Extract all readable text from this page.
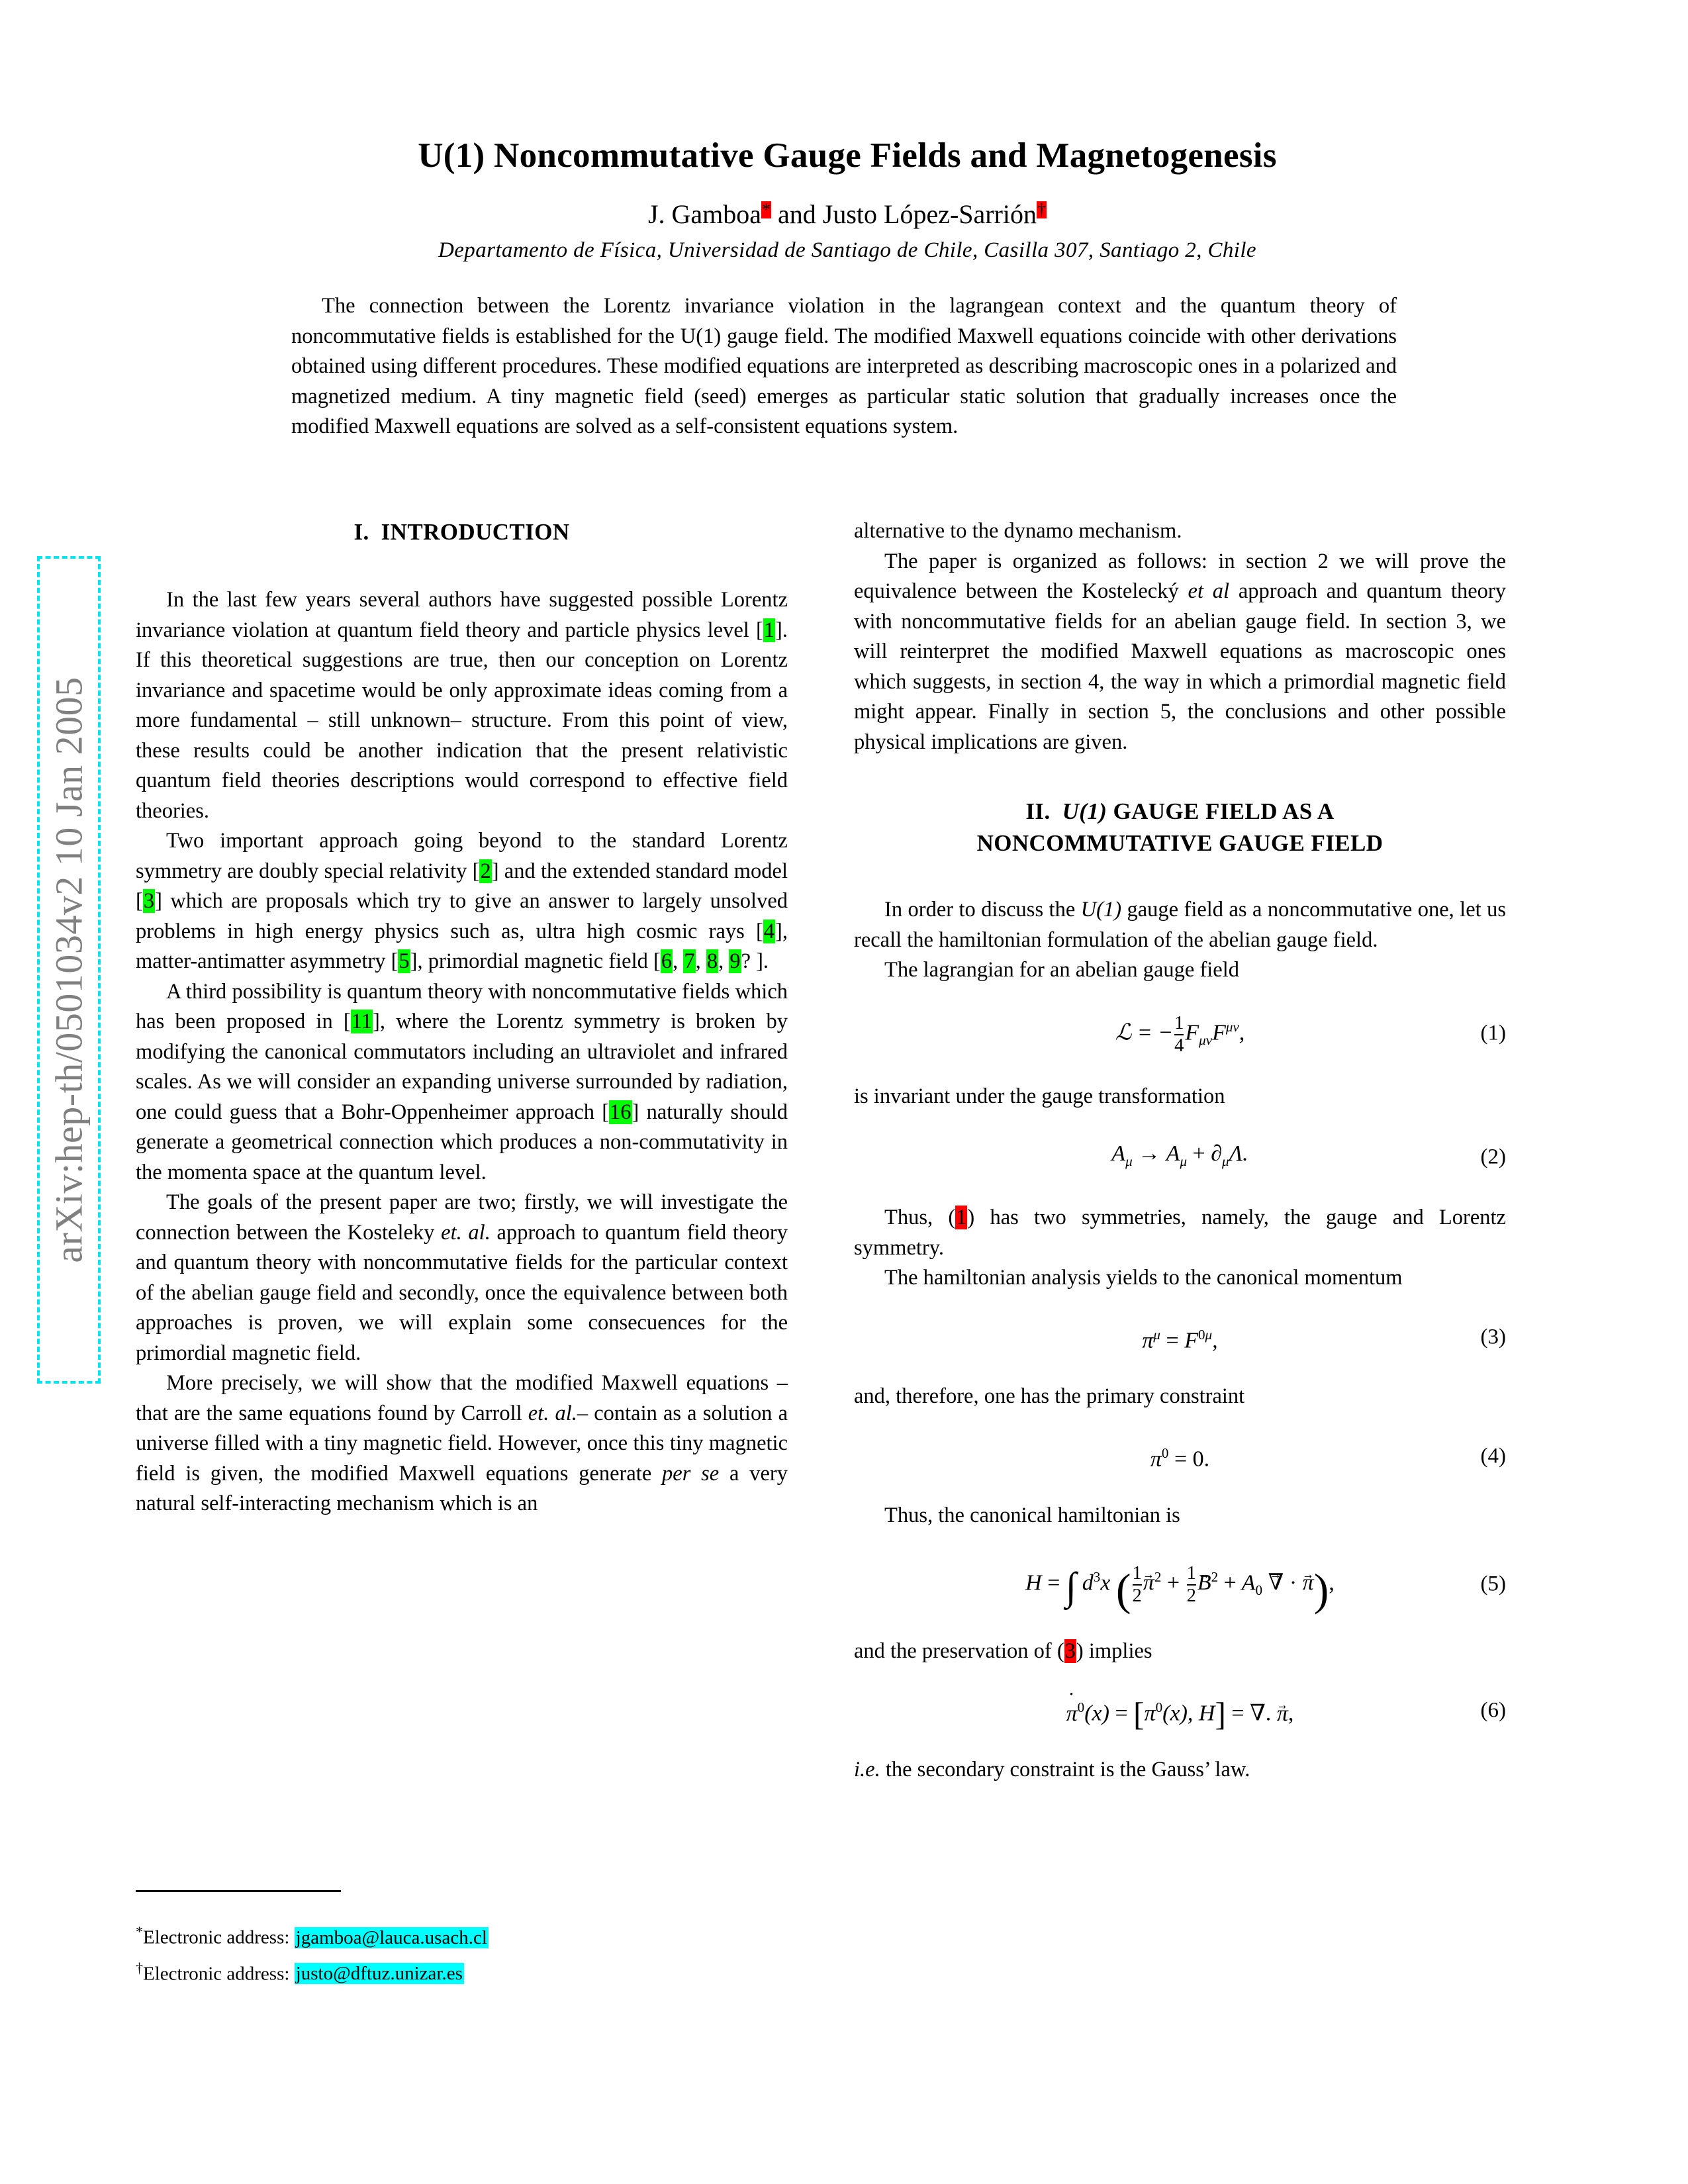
arXiv:hep-th/0501034v2 10 Jan 2005
U(1) Noncommutative Gauge Fields and Magnetogenesis
J. Gamboa* and Justo López-Sarrión†
Departamento de Física, Universidad de Santiago de Chile, Casilla 307, Santiago 2, Chile
The connection between the Lorentz invariance violation in the lagrangean context and the quantum theory of noncommutative fields is established for the U(1) gauge field. The modified Maxwell equations coincide with other derivations obtained using different procedures. These modified equations are interpreted as describing macroscopic ones in a polarized and magnetized medium. A tiny magnetic field (seed) emerges as particular static solution that gradually increases once the modified Maxwell equations are solved as a self-consistent equations system.
I. INTRODUCTION

In the last few years several authors have suggested possible Lorentz invariance violation at quantum field theory and particle physics level [1]. If this theoretical suggestions are true, then our conception on Lorentz invariance and spacetime would be only approximate ideas coming from a more fundamental – still unknown– structure. From this point of view, these results could be another indication that the present relativistic quantum field theories descriptions would correspond to effective field theories.

Two important approach going beyond to the standard Lorentz symmetry are doubly special relativity [2] and the extended standard model [3] which are proposals which try to give an answer to largely unsolved problems in high energy physics such as, ultra high cosmic rays [4], matter-antimatter asymmetry [5], primordial magnetic field [6, 7, 8, 9? ].

A third possibility is quantum theory with noncommutative fields which has been proposed in [11], where the Lorentz symmetry is broken by modifying the canonical commutators including an ultraviolet and infrared scales. As we will consider an expanding universe surrounded by radiation, one could guess that a Bohr-Oppenheimer approach [16] naturally should generate a geometrical connection which produces a non-commutativity in the momenta space at the quantum level.

The goals of the present paper are two; firstly, we will investigate the connection between the Kosteleky et. al. approach to quantum field theory and quantum theory with noncommutative fields for the particular context of the abelian gauge field and secondly, once the equivalence between both approaches is proven, we will explain some consecuences for the primordial magnetic field.

More precisely, we will show that the modified Maxwell equations –that are the same equations found by Carroll et. al.– contain as a solution a universe filled with a tiny magnetic field. However, once this tiny magnetic field is given, the modified Maxwell equations generate per se a very natural self-interacting mechanism which is an

alternative to the dynamo mechanism.

The paper is organized as follows: in section 2 we will prove the equivalence between the Kostelecký et al approach and quantum theory with noncommutative fields for an abelian gauge field. In section 3, we will reinterpret the modified Maxwell equations as macroscopic ones which suggests, in section 4, the way in which a primordial magnetic field might appear. Finally in section 5, the conclusions and other possible physical implications are given.

II. U(1) GAUGE FIELD AS A
NONCOMMUTATIVE GAUGE FIELD

In order to discuss the U(1) gauge field as a noncommutative one, let us recall the hamiltonian formulation of the abelian gauge field.

The lagrangian for an abelian gauge field

ℒ = − $\frac{1}{4} F_{\mu\nu}F^{\mu\nu}$,	(1)

is invariant under the gauge transformation

$A_\mu \to A_\mu + \partial_\mu\Lambda$.	(2)

Thus, (1) has two symmetries, namely, the gauge and Lorentz symmetry.

The hamiltonian analysis yields to the canonical momentum

$\pi^\mu = F^{0\mu}$,	(3)

and, therefore, one has the primary constraint

$\pi^0 = 0$.	(4)

Thus, the canonical hamiltonian is

H = ∫ $d^3x$ ( $\frac{1}{2}$ $\pi \to^2 + \frac{1}{2}$ $B \to^2 + A_0$ ∇ → · π →),	(5)

and the preservation of (3) implies

π ˙$^0$(x) = [$\pi^0(x)$, H] = ∇. π →,	(6)

i.e. the secondary constraint is the Gauss’ law.

*Electronic address: jgamboa@lauca.usach.cl
†Electronic address: justo@dftuz.unizar.es
